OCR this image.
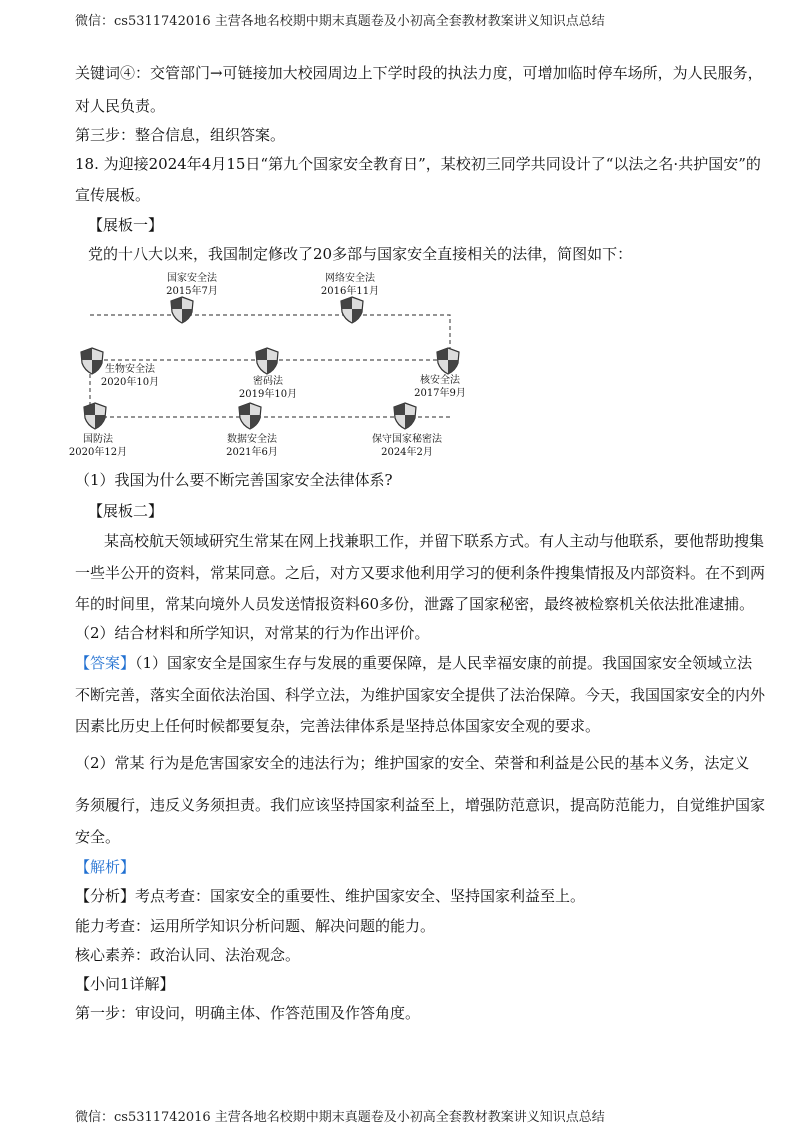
微信：cs5311742016 主营各地名校期中期末真题卷及小初高全套教材教案讲义知识点总结
关键词④：交管部门→可链接加大校园周边上下学时段的执法力度，可增加临时停车场所，为人民服务，
对人民负责。
第三步：整合信息，组织答案。
18. 为迎接2024年4月15日“第九个国家安全教育日”，某校初三同学共同设计了“以法之名·共护国安”的
宣传展板。
【展板一】
党的十八大以来，我国制定修改了20多部与国家安全直接相关的法律，简图如下：
国家安全法
2015年7月
网络安全法
2016年11月
生物安全法
2020年10月	密码法
2019年10月
核安全法
2017年9月
国防法
2020年12月
数据安全法
2021年6月
保守国家秘密法
2024年2月
（1）我国为什么要不断完善国家安全法律体系?
【展板二】
某高校航天领域研究生常某在网上找兼职工作，并留下联系方式。有人主动与他联系，要他帮助搜集
一些半公开的资料，常某同意。之后，对方又要求他利用学习的便利条件搜集情报及内部资料。在不到两
年的时间里，常某向境外人员发送情报资料60多份，泄露了国家秘密，最终被检察机关依法批准逮捕。
（2）结合材料和所学知识，对常某的行为作出评价。
【答案】（1）国家安全是国家生存与发展的重要保障，是人民幸福安康的前提。我国国家安全领域立法
不断完善，落实全面依法治国、科学立法，为维护国家安全提供了法治保障。今天，我国国家安全的内外
因素比历史上任何时候都要复杂，完善法律体系是坚持总体国家安全观的要求。
（2）常某 行为是危害国家安全的违法行为；维护国家的安全、荣誉和利益是公民的基本义务，法定义
务须履行，违反义务须担责。我们应该坚持国家利益至上，增强防范意识，提高防范能力，自觉维护国家
安全。
【解析】
【分析】考点考查：国家安全的重要性、维护国家安全、坚持国家利益至上。
能力考查：运用所学知识分析问题、解决问题的能力。
核心素养：政治认同、法治观念。
【小问1详解】
第一步：审设问，明确主体、作答范围及作答角度。
微信：cs5311742016 主营各地名校期中期末真题卷及小初高全套教材教案讲义知识点总结
